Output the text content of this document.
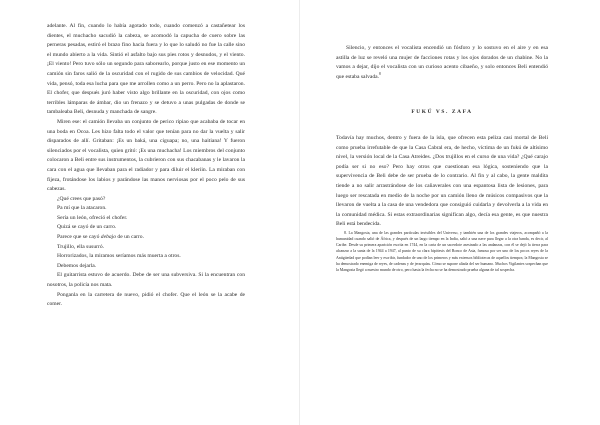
adelante. Al fin, cuando lo había agotado todo, cuando comenzó a castañetear los dientes, el muchacho sacudió la cabeza, se acomodó la capucha de cuero sobre las perneras pesadas, estiró el brazo fino hacia fuera y lo que lo saludó no fue la calle sino el mundo abierto a la vida. Sintió el asfalto bajo sus pies rotos y desnudos, y el viento. ¡El viento! Pero tuvo sólo un segundo para saborearlo, porque justo en ese momento un camión sin faros salió de la oscuridad con el rugido de sus cambios de velocidad. Qué vida, pensó, toda esa lucha para que me arrollen como a un perro. Pero no la aplastaron. El chofer, que después juró haber visto algo brillante en la oscuridad, con ojos como terribles lámparas de ámbar, dio un frenazo y se detuvo a unas pulgadas de donde se tambaleaba Beli, desnuda y manchada de sangre.

Miren ese: el camión llevaba un conjunto de perico ripiao que acababa de tocar en una boda en Ocoa. Les hizo falta todo el valor que tenían para no dar la vuelta y salir disparados de allí. Gritaban: ¡Es un baká, una ciguapa; no, una haitiana! Y fueron silenciados por el vocalista, quien gritó: ¡Es una muchacha! Los miembros del conjunto colocaron a Beli entre sus instrumentos, la cubrieron con sus chacabanas y le lavaron la cara con el agua que llevaban para el radiador y para diluir el kleriin. La miraban con fijeza, frotándose los labios y parándose las manos nerviosas por el poco pelo de sus cabezas.

¿Qué crees que pasó?

Pa mí que la atacaron.

Sería un león, ofreció el chofer.

Quizá se cayó de un carro.

Parece que se cayó debajo de un carro.

Trujillo, ella susurró.

Horrorizados, la miramos seríamos más muerta a otros.

Debemos dejarla.

El guitarrista estuvo de acuerdo. Debe de ser una subversiva. Si la encuentran con nosotros, la policía nos mata.

Ponganla en la carretera de nuevo, pidió el chofer. Que el león se la acabe de comer.

Silencio, y entonces el vocalista encendió un fósforo y lo sostuvo en el aire y en esa astilla de luz se reveló una mujer de facciones rotas y los ojos dorados de un chabine. No la vamos a dejar, dijo el vocalista con un curioso acento cibaeño, y solo entonces Beli entendió que estaba salvada.$^8$

FUKÚ VS. ZAFA

Todavía hay muchos, dentro y fuera de la isla, que ofrecen esta peliza casi mortal de Beli como prueba irrefutable de que la Casa Cabral era, de hecho, víctima de un fukú de altísimo nivel, la versión local de la Casa Atreides. ¿Dos trujillos en el curso de una vida? ¿Qué carajo podía ser si no eso? Pero hay otros que cuestionan esa lógica, sosteniendo que la supervivencia de Beli debe de ser prueba de lo contrario. Al fin y al cabo, la gente maldita tiende a no salir arrastrándose de los cañaverales con una espantosa lista de lesiones, para luego ser rescatada en medio de la noche por un camión lleno de músicos compasivos que la llevaron de vuelta a la casa de una vendedora que consiguió cuidarla y devolverla a la vida en la comunidad médica. Si estas extraordinarias significan algo, decía esa gente, es que nuestra Beli está bendecida.

8. La Mangosta, una de las grandes partículas invisibles del Universo, y también una de los grandes viajeros, acompañó a la humanidad cuando salió de África, y después de un largo tiempo en la India, saltó a una nave para llegar a la otra banda, es decir, al Caribe. Desde su primera aparición escrita en 1744, en la carta de un sacerdote asesinado a las andanzas, con él se dejó la tierra para alcanzar a la santa de la 1944 a 1947, al punto de su clara hipótesis del Ronco de Asia, famosa por ser uno de los pocos reyes de la Antigüedad que podían leer y escribir, fundador de uno de los primeros y más extensos bibliotecas de aquellos tiempos; la Mangosta se ha demostrado enemiga de reyes, de cadenas y de jerarquías. Cómo se supone aliada del ser humano. Muchos Vigilantes sospechan que la Mangosta llegó a nuestro mundo de otro, pero hasta la fecha no se ha demostrado prueba alguna de tal sospecha.
